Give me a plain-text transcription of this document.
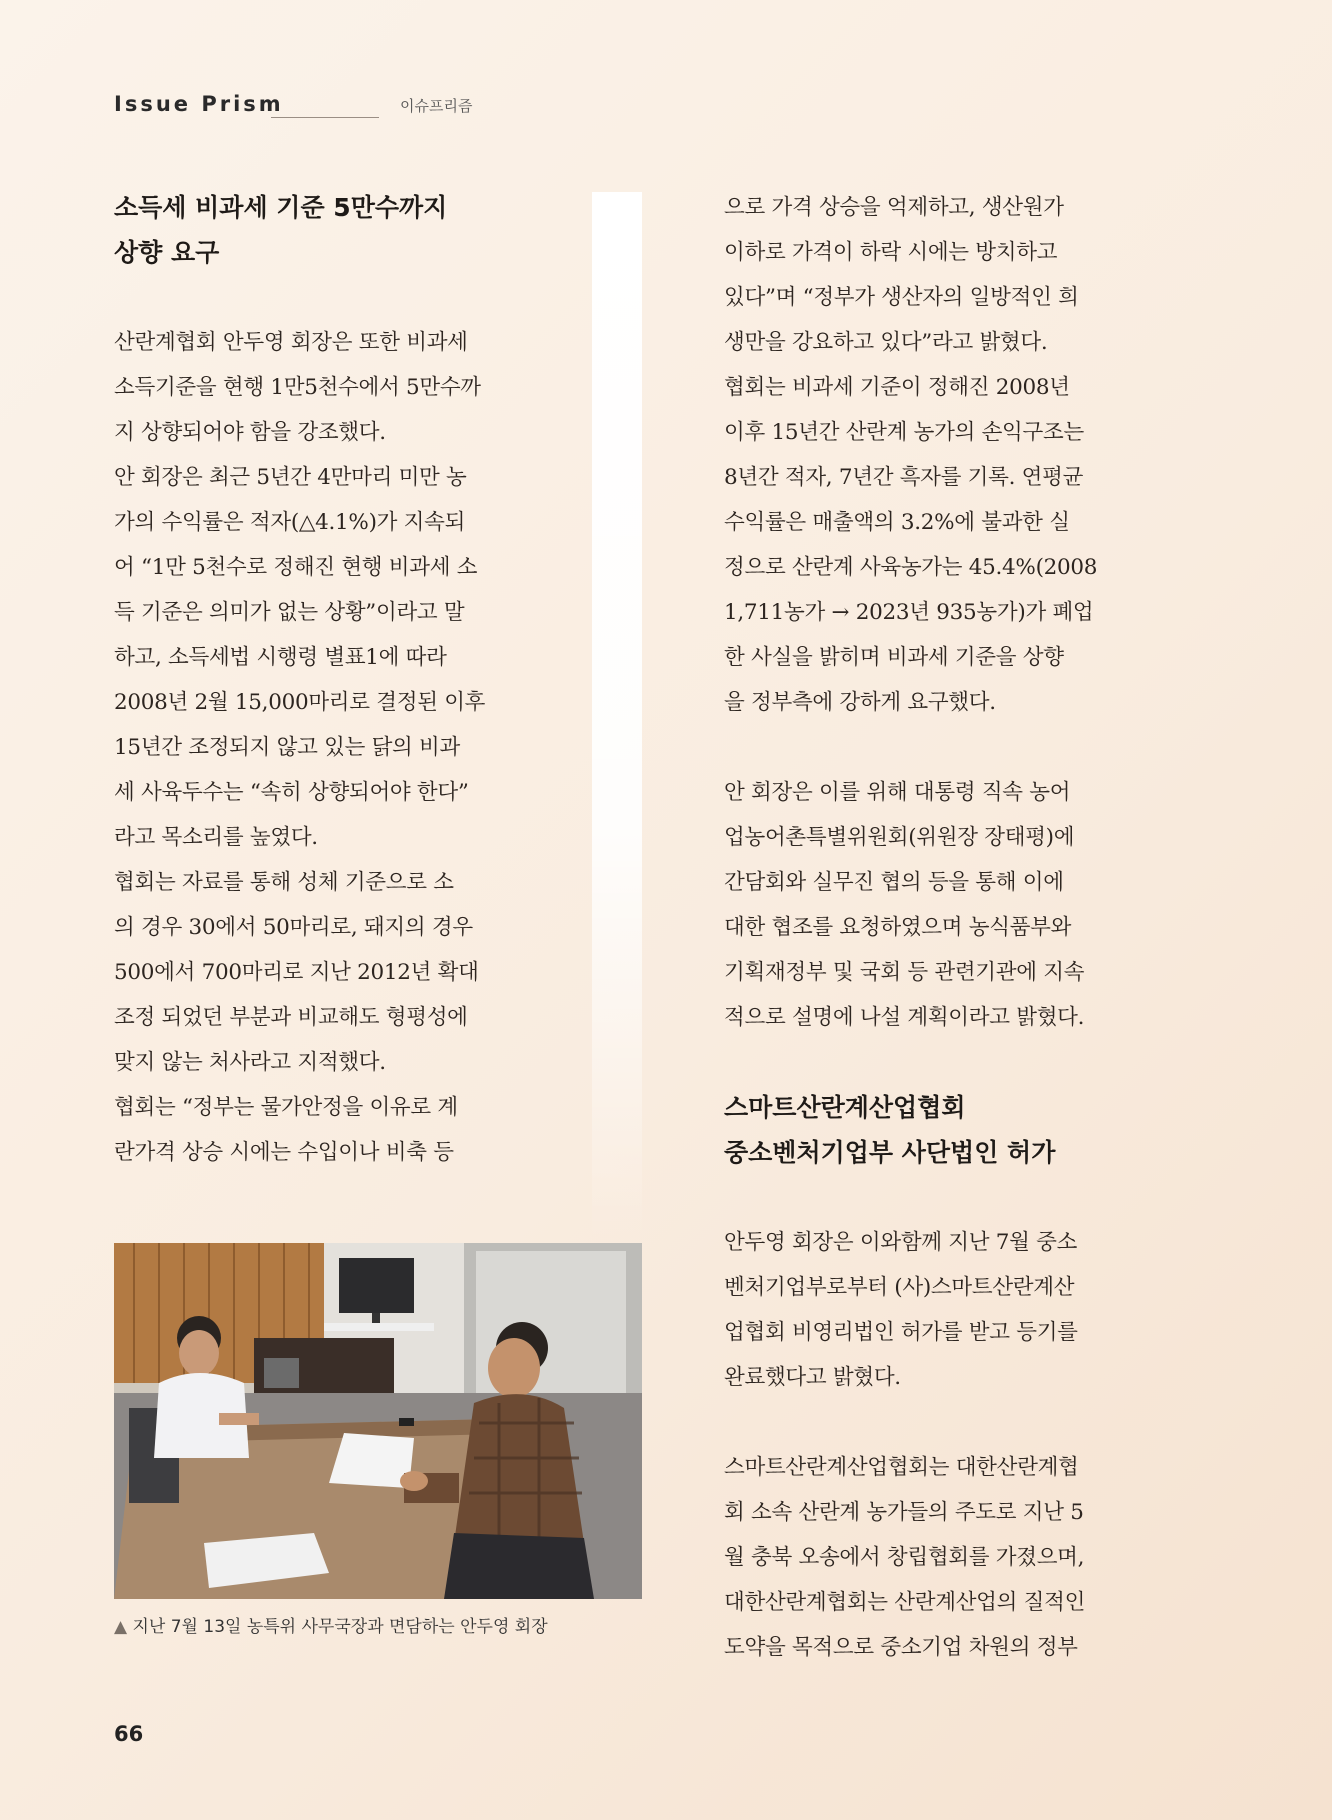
Issue Prism	이슈프리즘
소득세 비과세 기준 5만수까지
상향 요구
산란계협회 안두영 회장은 또한 비과세
소득기준을 현행 1만5천수에서 5만수까
지 상향되어야 함을 강조했다.
안 회장은 최근 5년간 4만마리 미만 농
가의 수익률은 적자(△4.1%)가 지속되
어 “1만 5천수로 정해진 현행 비과세 소
득 기준은 의미가 없는 상황”이라고 말
하고, 소득세법 시행령 별표1에 따라
2008년 2월 15,000마리로 결정된 이후
15년간 조정되지 않고 있는 닭의 비과
세 사육두수는 “속히 상향되어야 한다”
라고 목소리를 높였다.
협회는 자료를 통해 성체 기준으로 소
의 경우 30에서 50마리로, 돼지의 경우
500에서 700마리로 지난 2012년 확대
조정 되었던 부분과 비교해도 형평성에
맞지 않는 처사라고 지적했다.
협회는 “정부는 물가안정을 이유로 계
란가격 상승 시에는 수입이나 비축 등
으로 가격 상승을 억제하고, 생산원가
이하로 가격이 하락 시에는 방치하고
있다”며 “정부가 생산자의 일방적인 희
생만을 강요하고 있다”라고 밝혔다.
협회는 비과세 기준이 정해진 2008년
이후 15년간 산란계 농가의 손익구조는
8년간 적자, 7년간 흑자를 기록. 연평균
수익률은 매출액의 3.2%에 불과한 실
정으로 산란계 사육농가는 45.4%(2008
1,711농가 → 2023년 935농가)가 폐업
한 사실을 밝히며 비과세 기준을 상향
을 정부측에 강하게 요구했다.
안 회장은 이를 위해 대통령 직속 농어
업농어촌특별위원회(위원장 장태평)에
간담회와 실무진 협의 등을 통해 이에
대한 협조를 요청하였으며 농식품부와
기획재정부 및 국회 등 관련기관에 지속
적으로 설명에 나설 계획이라고 밝혔다.
스마트산란계산업협회
중소벤처기업부 사단법인 허가
안두영 회장은 이와함께 지난 7월 중소
벤처기업부로부터 (사)스마트산란계산
업협회 비영리법인 허가를 받고 등기를
완료했다고 밝혔다.
스마트산란계산업협회는 대한산란계협
회 소속 산란계 농가들의 주도로 지난 5
월 충북 오송에서 창립협회를 가졌으며,
대한산란계협회는 산란계산업의 질적인
도약을 목적으로 중소기업 차원의 정부
▲ 지난 7월 13일 농특위 사무국장과 면담하는 안두영 회장
66
